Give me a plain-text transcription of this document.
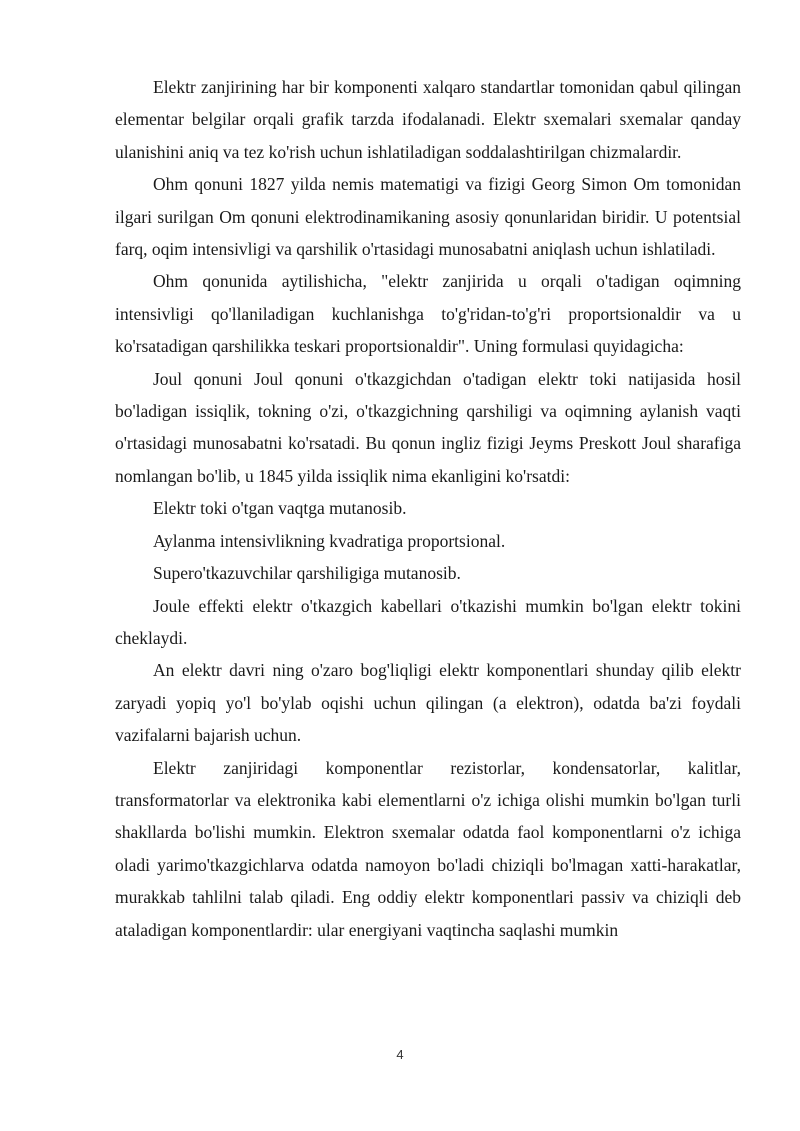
Elektr zanjirining har bir komponenti xalqaro standartlar tomonidan qabul qilingan elementar belgilar orqali grafik tarzda ifodalanadi. Elektr sxemalari sxemalar qanday ulanishini aniq va tez ko'rish uchun ishlatiladigan soddalashtirilgan chizmalardir.

Ohm qonuni 1827 yilda nemis matematigi va fizigi Georg Simon Om tomonidan ilgari surilgan Om qonuni elektrodinamikaning asosiy qonunlaridan biridir. U potentsial farq, oqim intensivligi va qarshilik o'rtasidagi munosabatni aniqlash uchun ishlatiladi.

Ohm qonunida aytilishicha, "elektr zanjirida u orqali o'tadigan oqimning intensivligi qo'llaniladigan kuchlanishga to'g'ridan-to'g'ri proportsionaldir va u ko'rsatadigan qarshilikka teskari proportsionaldir". Uning formulasi quyidagicha:

Joul qonuni Joul qonuni o'tkazgichdan o'tadigan elektr toki natijasida hosil bo'ladigan issiqlik, tokning o'zi, o'tkazgichning qarshiligi va oqimning aylanish vaqti o'rtasidagi munosabatni ko'rsatadi. Bu qonun ingliz fizigi Jeyms Preskott Joul sharafiga nomlangan bo'lib, u 1845 yilda issiqlik nima ekanligini ko'rsatdi:

Elektr toki o'tgan vaqtga mutanosib.

Aylanma intensivlikning kvadratiga proportsional.

Supero'tkazuvchilar qarshiligiga mutanosib.

Joule effekti elektr o'tkazgich kabellari o'tkazishi mumkin bo'lgan elektr tokini cheklaydi.

An elektr davri ning o'zaro bog'liqligi elektr komponentlari shunday qilib elektr zaryadi yopiq yo'l bo'ylab oqishi uchun qilingan (a elektron), odatda ba'zi foydali vazifalarni bajarish uchun.

Elektr zanjiridagi komponentlar rezistorlar, kondensatorlar, kalitlar, transformatorlar va elektronika kabi elementlarni o'z ichiga olishi mumkin bo'lgan turli shakllarda bo'lishi mumkin. Elektron sxemalar odatda faol komponentlarni o'z ichiga oladi yarimo'tkazgichlarva odatda namoyon bo'ladi chiziqli bo'lmagan xatti-harakatlar, murakkab tahlilni talab qiladi. Eng oddiy elektr komponentlari passiv va chiziqli deb ataladigan komponentlardir: ular energiyani vaqtincha saqlashi mumkin

4
